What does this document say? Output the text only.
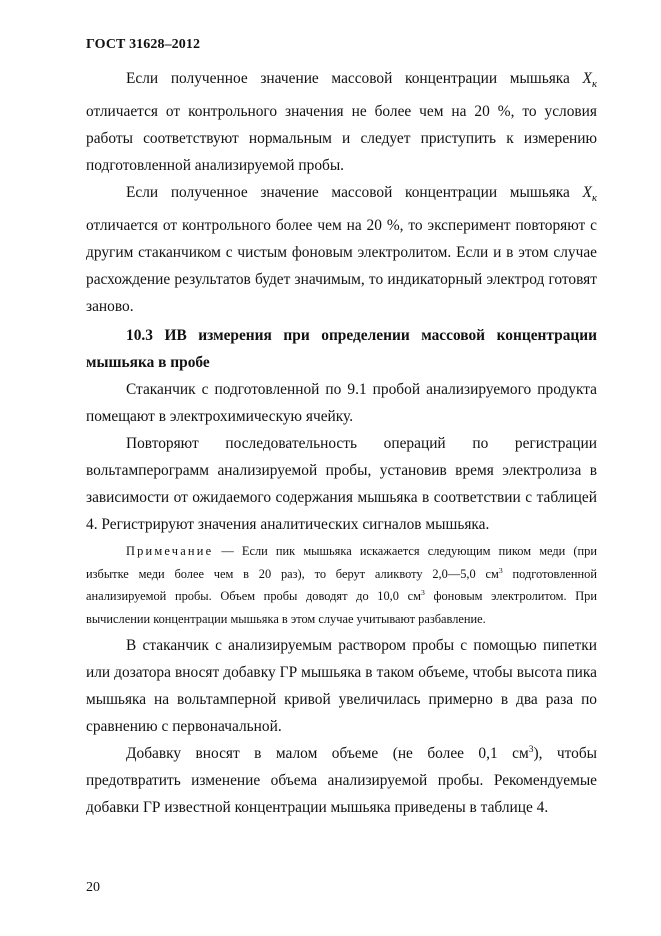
ГОСТ 31628–2012

Если полученное значение массовой концентрации мышьяка $X_к$ отличается от контрольного значения не более чем на 20 %, то условия работы соответствуют нормальным и следует приступить к измерению подготовленной анализируемой пробы.

Если полученное значение массовой концентрации мышьяка $X_к$ отличается от контрольного более чем на 20 %, то эксперимент повторяют с другим стаканчиком с чистым фоновым электролитом. Если и в этом случае расхождение результатов будет значимым, то индикаторный электрод готовят заново.

10.3 ИВ измерения при определении массовой концентрации мышьяка в пробе

Стаканчик с подготовленной по 9.1 пробой анализируемого продукта помещают в электрохимическую ячейку.

Повторяют последовательность операций по регистрации вольтамперограмм анализируемой пробы, установив время электролиза в зависимости от ожидаемого содержания мышьяка в соответствии с таблицей 4. Регистрируют значения аналитических сигналов мышьяка.

Примечание — Если пик мышьяка искажается следующим пиком меди (при избытке меди более чем в 20 раз), то берут аликвоту 2,0—5,0 $см^3$ подготовленной анализируемой пробы. Объем пробы доводят до 10,0 $см^3$ фоновым электролитом. При вычислении концентрации мышьяка в этом случае учитывают разбавление.

В стаканчик с анализируемым раствором пробы с помощью пипетки или дозатора вносят добавку ГР мышьяка в таком объеме, чтобы высота пика мышьяка на вольтамперной кривой увеличилась примерно в два раза по сравнению с первоначальной.

Добавку вносят в малом объеме (не более 0,1 $см^3$), чтобы предотвратить изменение объема анализируемой пробы. Рекомендуемые добавки ГР известной концентрации мышьяка приведены в таблице 4.

20
